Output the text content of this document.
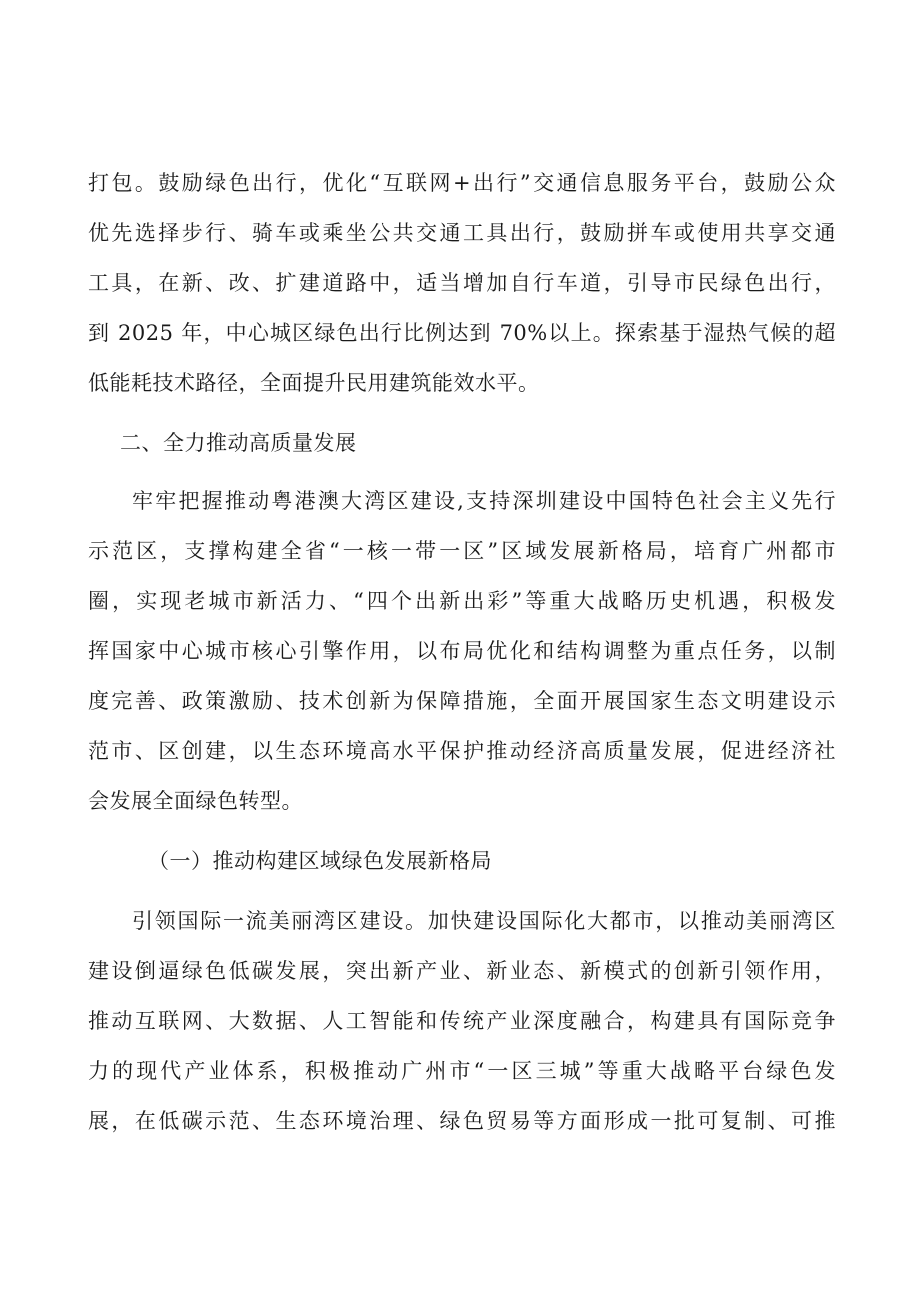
打包。鼓励绿色出行，优化“互联网+出行”交通信息服务平台，鼓励公众
优先选择步行、骑车或乘坐公共交通工具出行，鼓励拼车或使用共享交通
工具，在新、改、扩建道路中，适当增加自行车道，引导市民绿色出行，
到 2025 年，中心城区绿色出行比例达到 70%以上。探索基于湿热气候的超
低能耗技术路径，全面提升民用建筑能效水平。
二、全力推动高质量发展
牢牢把握推动粤港澳大湾区建设,支持深圳建设中国特色社会主义先行
示范区，支撑构建全省“一核一带一区”区域发展新格局，培育广州都市
圈，实现老城市新活力、“四个出新出彩”等重大战略历史机遇，积极发
挥国家中心城市核心引擎作用，以布局优化和结构调整为重点任务，以制
度完善、政策激励、技术创新为保障措施，全面开展国家生态文明建设示
范市、区创建，以生态环境高水平保护推动经济高质量发展，促进经济社
会发展全面绿色转型。
（一）推动构建区域绿色发展新格局
引领国际一流美丽湾区建设。加快建设国际化大都市，以推动美丽湾区
建设倒逼绿色低碳发展，突出新产业、新业态、新模式的创新引领作用，
推动互联网、大数据、人工智能和传统产业深度融合，构建具有国际竞争
力的现代产业体系，积极推动广州市“一区三城”等重大战略平台绿色发
展，在低碳示范、生态环境治理、绿色贸易等方面形成一批可复制、可推
